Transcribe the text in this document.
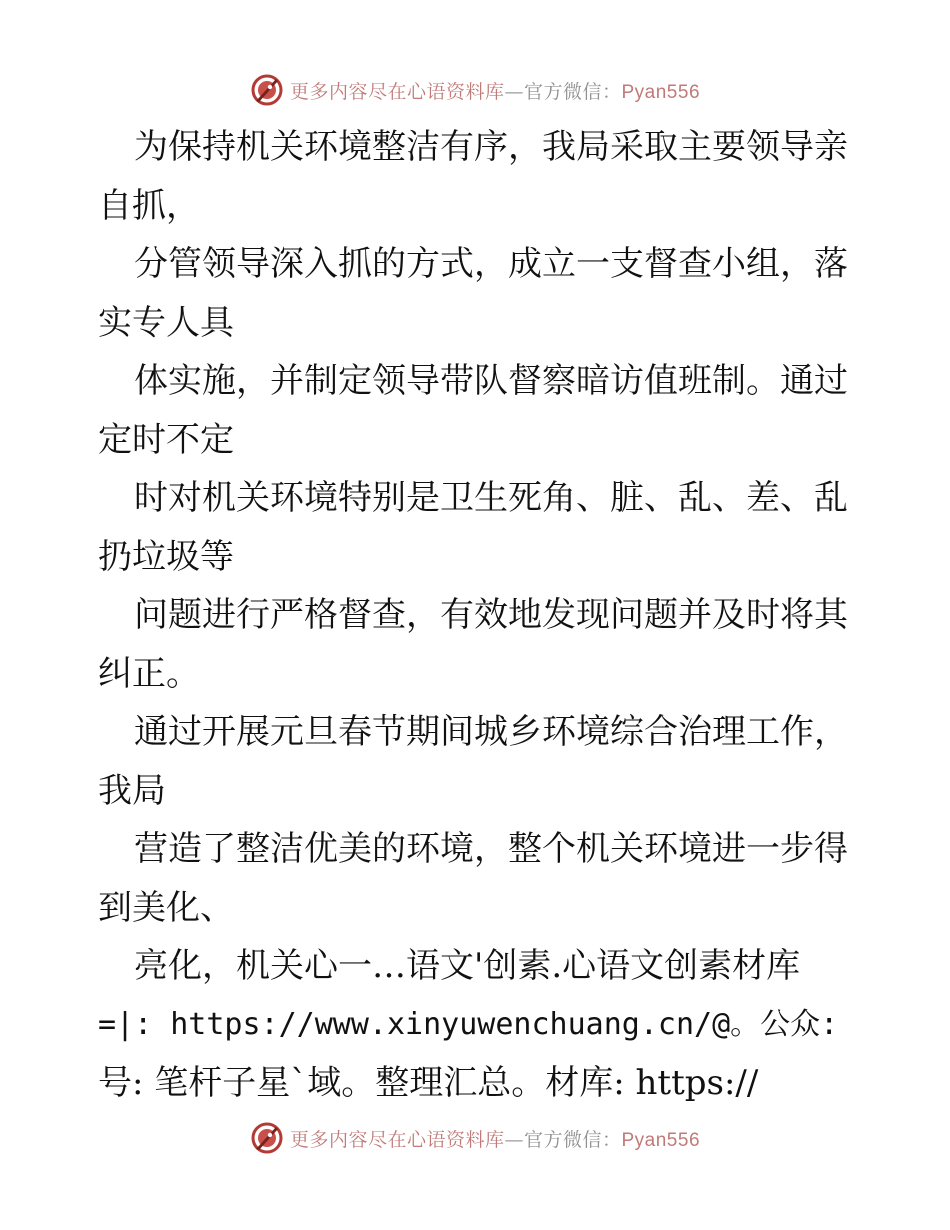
更多内容尽在心语资料库—官方微信：Pyan556
为保持机关环境整洁有序，我局采取主要领导亲
自抓，
分管领导深入抓的方式，成立一支督查小组，落
实专人具
体实施，并制定领导带队督察暗访值班制。通过
定时不定
时对机关环境特别是卫生死角、脏、乱、差、乱
扔垃圾等
问题进行严格督查，有效地发现问题并及时将其
纠正。
通过开展元旦春节期间城乡环境综合治理工作，
我局
营造了整洁优美的环境，整个机关环境进一步得
到美化、
亮化，机关心一…语文'创素.心语文创素材库
=|: https://www.xinyuwenchuang.cn/@。公众:
号: 笔杆子星`域。整理汇总。材库: https://
更多内容尽在心语资料库—官方微信：Pyan556
